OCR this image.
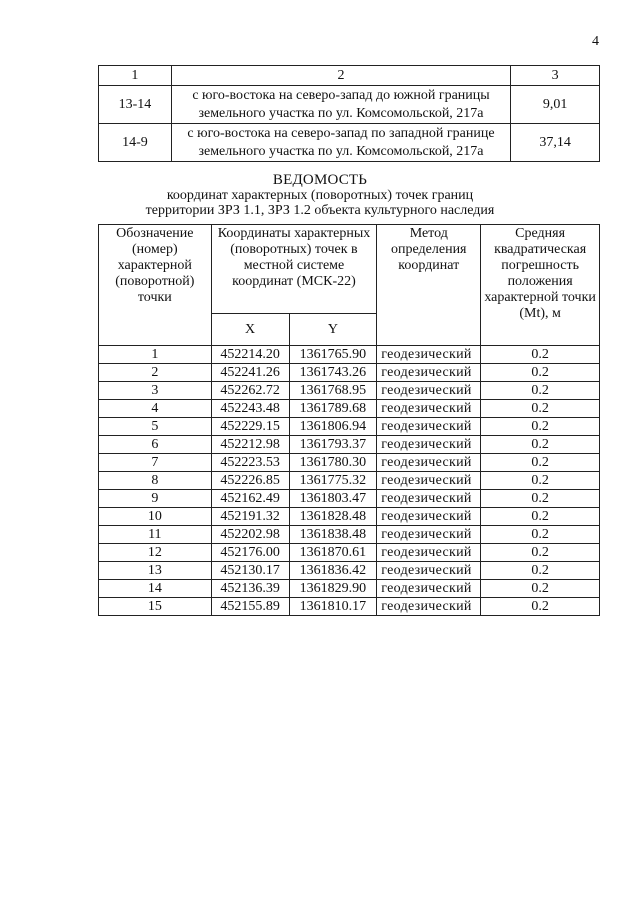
4
1	2	3
13-14	с юго-востока на северо-запад до южной границы земельного участка по ул. Комсомольской, 217а	9,01
14-9	с юго-востока на северо-запад по западной границе земельного участка по ул. Комсомольской, 217а	37,14
ВЕДОМОСТЬ
координат характерных (поворотных) точек границ
территории ЗРЗ 1.1, ЗРЗ 1.2 объекта культурного наследия
Обозначение (номер) характерной (поворотной) точки	Координаты характерных (поворотных) точек в местной системе координат (МСК-22)		Метод определения координат	Средняя квадратическая погрешность положения характерной точки (Mt), м
	X	Y		
1	452214.20	1361765.90	геодезический	0.2
2	452241.26	1361743.26	геодезический	0.2
3	452262.72	1361768.95	геодезический	0.2
4	452243.48	1361789.68	геодезический	0.2
5	452229.15	1361806.94	геодезический	0.2
6	452212.98	1361793.37	геодезический	0.2
7	452223.53	1361780.30	геодезический	0.2
8	452226.85	1361775.32	геодезический	0.2
9	452162.49	1361803.47	геодезический	0.2
10	452191.32	1361828.48	геодезический	0.2
11	452202.98	1361838.48	геодезический	0.2
12	452176.00	1361870.61	геодезический	0.2
13	452130.17	1361836.42	геодезический	0.2
14	452136.39	1361829.90	геодезический	0.2
15	452155.89	1361810.17	геодезический	0.2
